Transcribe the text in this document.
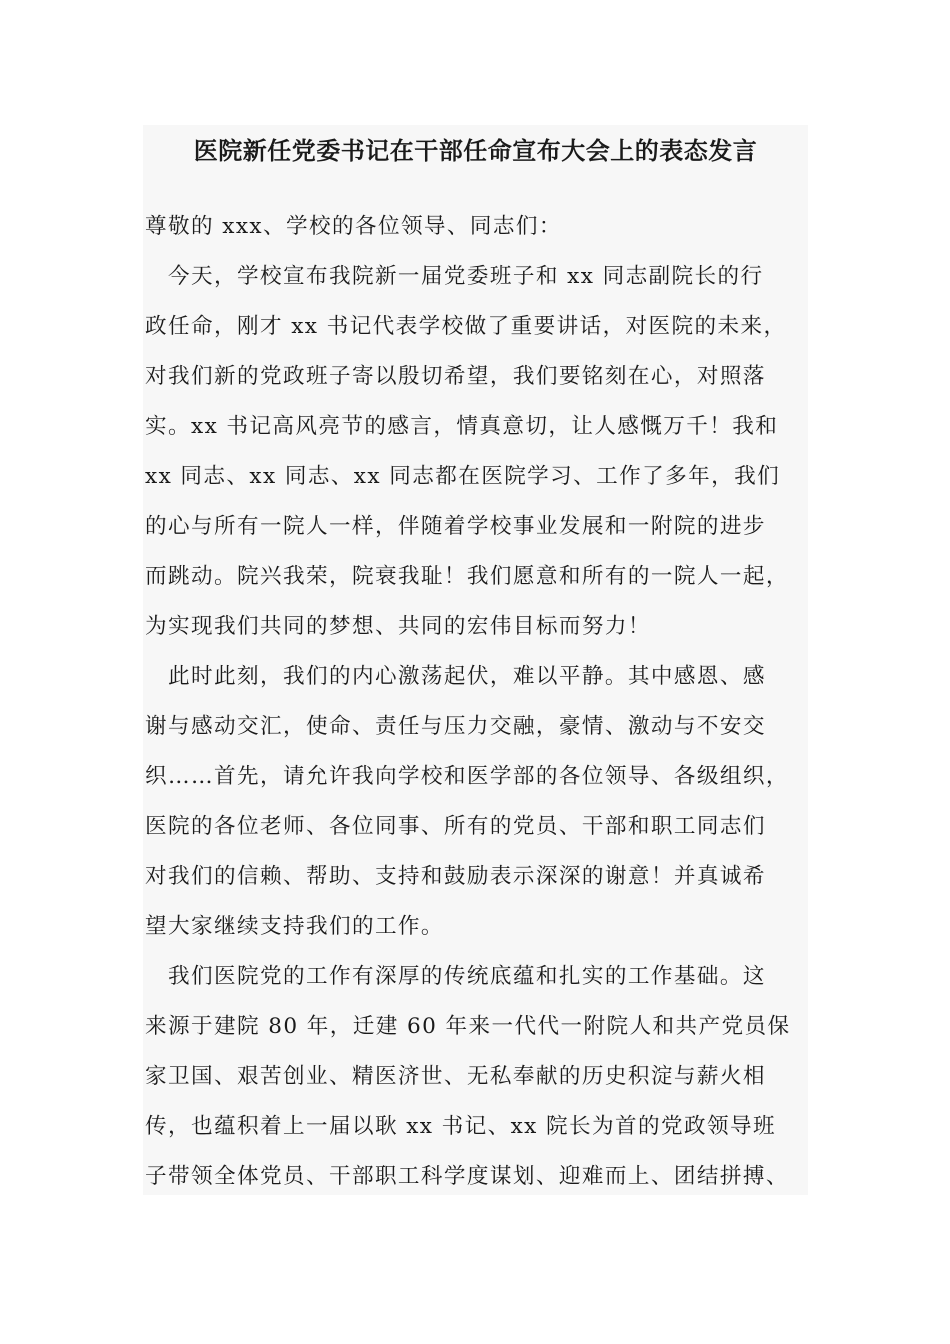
医院新任党委书记在干部任命宣布大会上的表态发言

尊敬的 xxx、学校的各位领导、同志们：

　今天，学校宣布我院新一届党委班子和 xx 同志副院长的行

政任命，刚才 xx 书记代表学校做了重要讲话，对医院的未来，

对我们新的党政班子寄以殷切希望，我们要铭刻在心，对照落

实。xx 书记高风亮节的感言，情真意切，让人感慨万千！我和

xx 同志、xx 同志、xx 同志都在医院学习、工作了多年，我们

的心与所有一院人一样，伴随着学校事业发展和一附院的进步

而跳动。院兴我荣，院衰我耻！我们愿意和所有的一院人一起，

为实现我们共同的梦想、共同的宏伟目标而努力！

　此时此刻，我们的内心激荡起伏，难以平静。其中感恩、感

谢与感动交汇，使命、责任与压力交融，豪情、激动与不安交

织……首先，请允许我向学校和医学部的各位领导、各级组织，

医院的各位老师、各位同事、所有的党员、干部和职工同志们

对我们的信赖、帮助、支持和鼓励表示深深的谢意！并真诚希

望大家继续支持我们的工作。

　我们医院党的工作有深厚的传统底蕴和扎实的工作基础。这

来源于建院 80 年，迁建 60 年来一代代一附院人和共产党员保

家卫国、艰苦创业、精医济世、无私奉献的历史积淀与薪火相

传，也蕴积着上一届以耿 xx 书记、xx 院长为首的党政领导班

子带领全体党员、干部职工科学度谋划、迎难而上、团结拼搏、
